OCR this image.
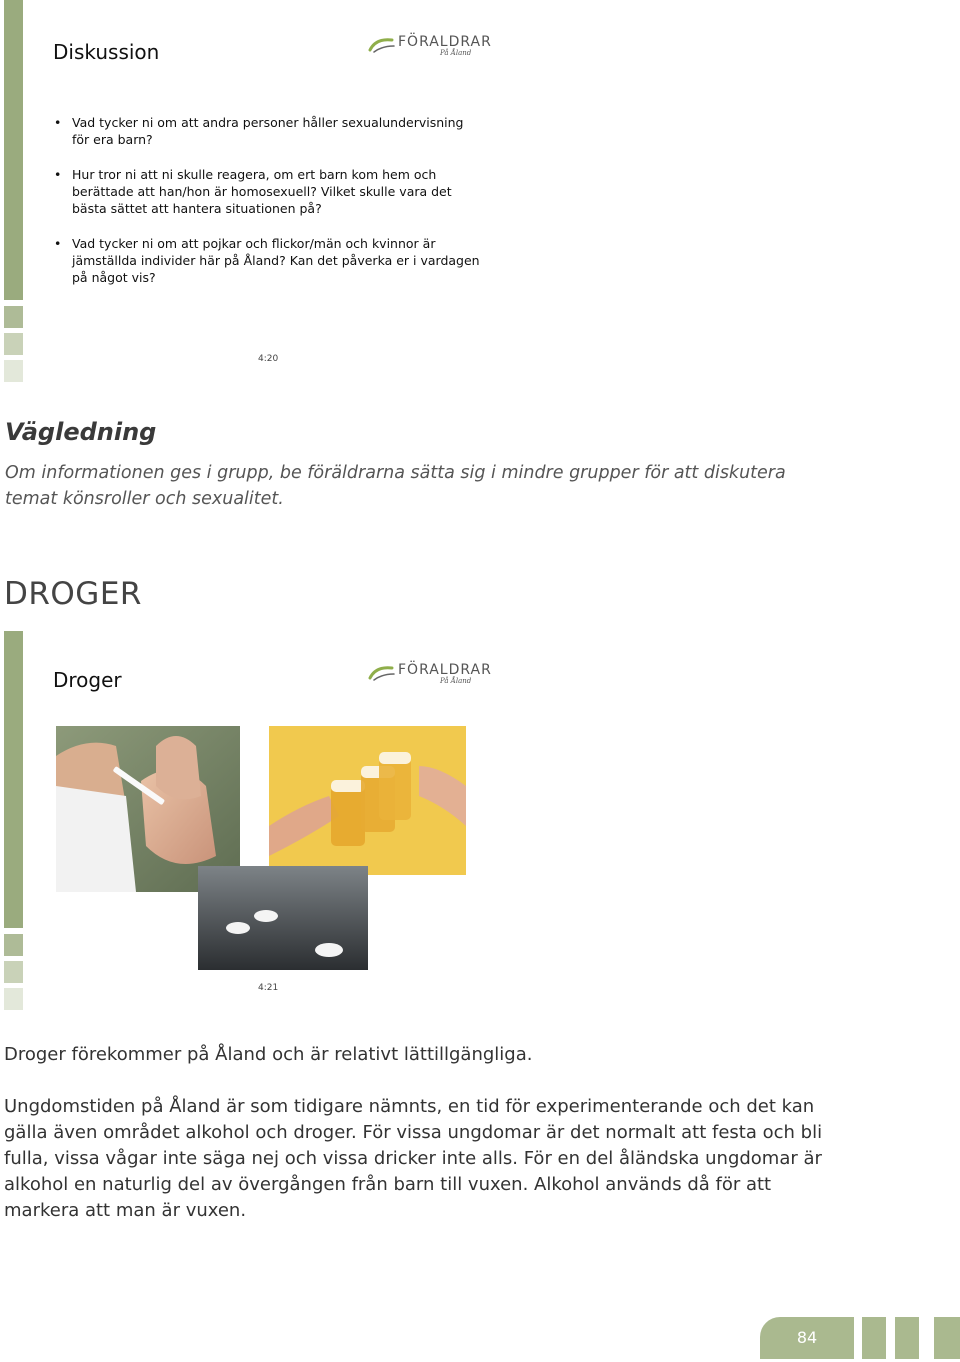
Diskussion	FÖRALDRAR
På Åland
• Vad tycker ni om att andra personer håller sexualundervisning för era barn?
• Hur tror ni att ni skulle reagera, om ert barn kom hem och berättade att han/hon är homosexuell? Vilket skulle vara det bästa sättet att hantera situationen på?
• Vad tycker ni om att pojkar och flickor/män och kvinnor är jämställda individer här på Åland? Kan det påverka er i vardagen på något vis?
4:20
Vägledning
Om informationen ges i grupp, be föräldrarna sätta sig i mindre grupper för att diskutera temat könsroller och sexualitet.
DROGER
Droger	FÖRALDRAR
På Åland
4:21
Droger förekommer på Åland och är relativt lättillgängliga.
Ungdomstiden på Åland är som tidigare nämnts, en tid för experimenterande och det kan gälla även området alkohol och droger. För vissa ungdomar är det normalt att festa och bli fulla, vissa vågar inte säga nej och vissa dricker inte alls. För en del åländska ungdomar är alkohol en naturlig del av övergången från barn till vuxen. Alkohol används då för att markera att man är vuxen.
84
